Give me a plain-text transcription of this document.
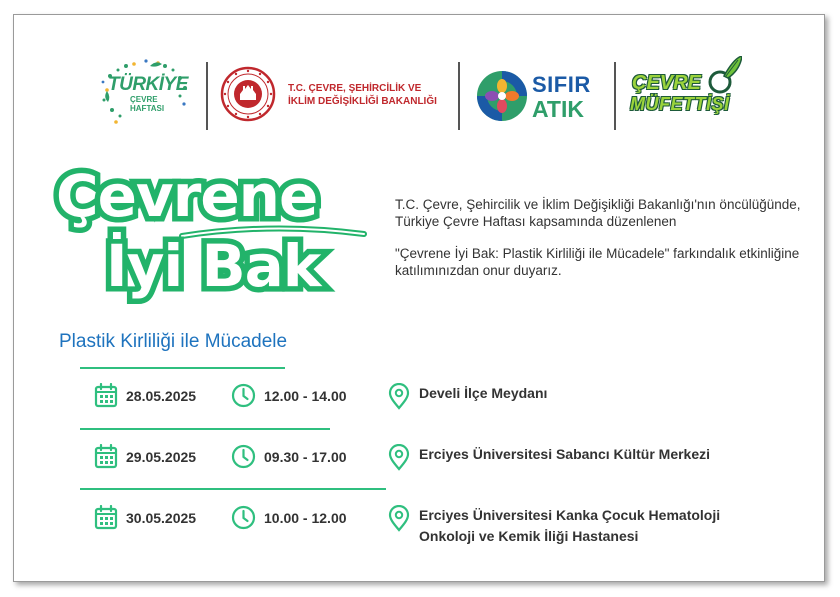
TÜRKİYE
ÇEVRE
HAFTASI
T.C. ÇEVRE, ŞEHİRCİLİK VE
İKLİM DEĞİŞİKLİĞİ BAKANLIĞI
SIFIR
ATIK
ÇEVRE
MÜFETTİŞİ
Çevrene
İyi Bak
Plastik Kirliliği ile Mücadele

T.C. Çevre, Şehircilik ve İklim Değişikliği Bakanlığı'nın öncülüğünde, Türkiye Çevre Haftası kapsamında düzenlenen

"Çevrene İyi Bak: Plastik Kirliliği ile Mücadele" farkındalık etkinliğine katılımınızdan onur duyarız.

28.05.2025	12.00 - 14.00	Develi İlçe Meydanı
29.05.2025	09.30 - 17.00	Erciyes Üniversitesi Sabancı Kültür Merkezi
30.05.2025	10.00 - 12.00	Erciyes Üniversitesi Kanka Çocuk Hematoloji
Onkoloji ve Kemik İliği Hastanesi
